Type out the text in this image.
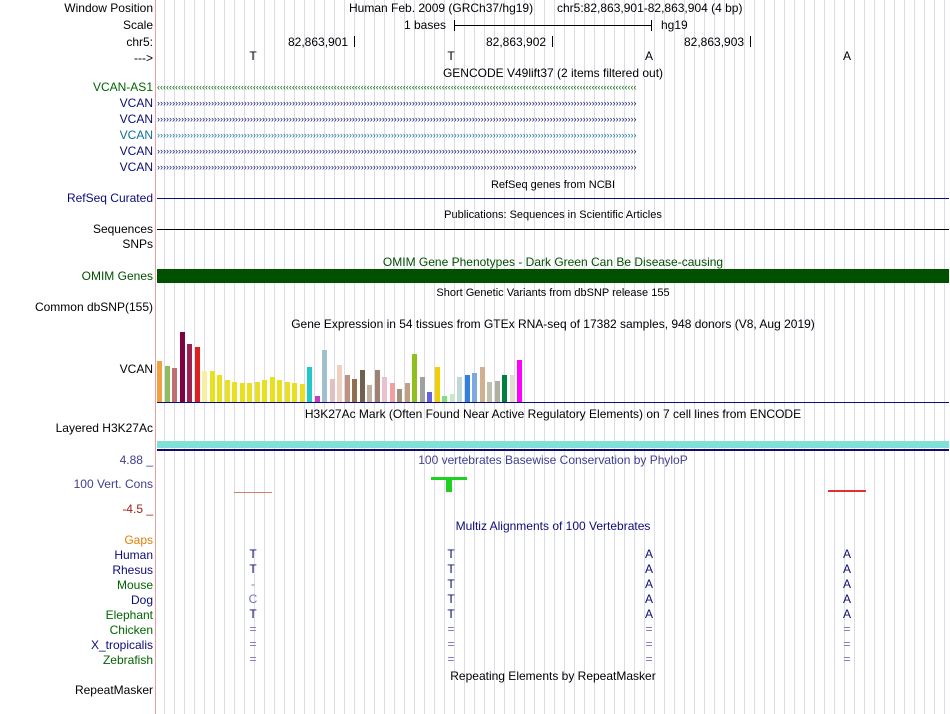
Window Position	Human Feb. 2009 (GRCh37/hg19) chr5:82,863,901-82,863,904 (4 bp)
Scale	1 bases	hg19
chr5:	82,863,901	82,863,902	82,863,903
--->	T	T	A	A
GENCODE V49lift37 (2 items filtered out)
VCAN-AS1 ‹‹‹‹‹‹‹‹‹‹‹‹‹‹‹‹‹‹‹‹‹‹‹‹‹‹‹‹‹‹‹‹‹‹‹‹‹‹‹‹‹‹‹‹‹‹‹‹‹‹‹‹‹‹‹‹‹‹‹‹‹‹‹‹‹‹‹‹‹‹‹‹‹‹‹‹‹‹‹‹‹‹‹‹‹‹‹‹‹‹‹‹‹‹‹‹‹‹‹‹‹‹‹‹‹‹‹‹‹‹‹‹‹‹‹‹‹‹‹‹‹‹‹‹‹‹‹‹‹‹‹‹‹‹‹‹‹‹‹‹‹‹‹‹‹‹‹‹‹‹‹‹‹‹‹‹‹‹‹‹
VCAN ››››››››››››››››››››››››››››››››››››››››››››››››››››››››››››››››››››››››››››››››››››››››››››››››››››››››››››››››››››››››››››››››››››››››››››››››››››››››››››››››
VCAN ››››››››››››››››››››››››››››››››››››››››››››››››››››››››››››››››››››››››››››››››››››››››››››››››››››››››››››››››››››››››››››››››››››››››››››››››››››››››››››››››
VCAN ››››››››››››››››››››››››››››››››››››››››››››››››››››››››››››››››››››››››››››››››››››››››››››››››››››››››››››››››››››››››››››››››››››››››››››››››››››››››››››››››
VCAN ››››››››››››››››››››››››››››››››››››››››››››››››››››››››››››››››››››››››››››››››››››››››››››››››››››››››››››››››››››››››››››››››››››››››››››››››››››››››››››››››
VCAN ››››››››››››››››››››››››››››››››››››››››››››››››››››››››››››››››››››››››››››››››››››››››››››››››››››››››››››››››››››››››››››››››››››››››››››››››››››››››››››››››
RefSeq genes from NCBI
RefSeq Curated
Publications: Sequences in Scientific Articles
Sequences
SNPs
OMIM Gene Phenotypes - Dark Green Can Be Disease-causing
OMIM Genes
Short Genetic Variants from dbSNP release 155
Common dbSNP(155)
Gene Expression in 54 tissues from GTEx RNA-seq of 17382 samples, 948 donors (V8, Aug 2019)
VCAN
H3K27Ac Mark (Often Found Near Active Regulatory Elements) on 7 cell lines from ENCODE
Layered H3K27Ac
100 vertebrates Basewise Conservation by PhyloP
4.88 _
100 Vert. Cons
-4.5 _
Multiz Alignments of 100 Vertebrates
Gaps
Human	T	T	A	A
Rhesus	T	T	A	A
Mouse	-	T	A	A
Dog	C	T	A	A
Elephant	T	T	A	A
Chicken	=	=	=	=
X_tropicalis	=	=	=	=
Zebrafish	=	=	=	=
Repeating Elements by RepeatMasker
RepeatMasker
